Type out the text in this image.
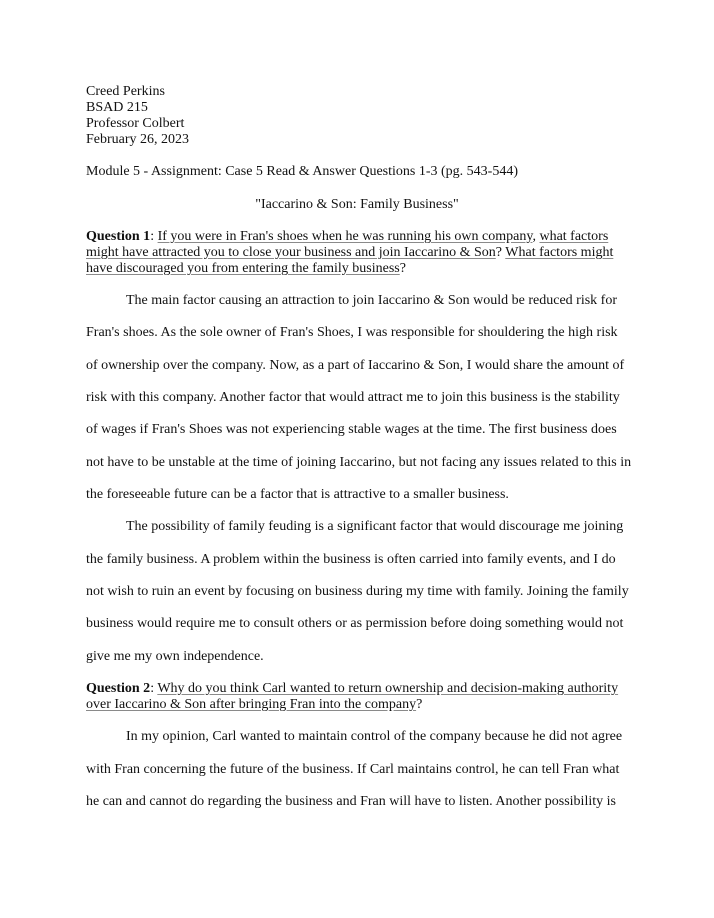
Creed Perkins
BSAD 215
Professor Colbert
February 26, 2023
Module 5 - Assignment: Case 5 Read & Answer Questions 1-3 (pg. 543-544)
"Iaccarino & Son: Family Business"
Question 1: If you were in Fran's shoes when he was running his own company, what factors
might have attracted you to close your business and join Iaccarino & Son? What factors might
have discouraged you from entering the family business?
The main factor causing an attraction to join Iaccarino & Son would be reduced risk for
Fran's shoes. As the sole owner of Fran's Shoes, I was responsible for shouldering the high risk
of ownership over the company. Now, as a part of Iaccarino & Son, I would share the amount of
risk with this company. Another factor that would attract me to join this business is the stability
of wages if Fran's Shoes was not experiencing stable wages at the time. The first business does
not have to be unstable at the time of joining Iaccarino, but not facing any issues related to this in
the foreseeable future can be a factor that is attractive to a smaller business.
The possibility of family feuding is a significant factor that would discourage me joining
the family business. A problem within the business is often carried into family events, and I do
not wish to ruin an event by focusing on business during my time with family. Joining the family
business would require me to consult others or as permission before doing something would not
give me my own independence.
Question 2: Why do you think Carl wanted to return ownership and decision-making authority
over Iaccarino & Son after bringing Fran into the company?
In my opinion, Carl wanted to maintain control of the company because he did not agree
with Fran concerning the future of the business. If Carl maintains control, he can tell Fran what
he can and cannot do regarding the business and Fran will have to listen. Another possibility is
